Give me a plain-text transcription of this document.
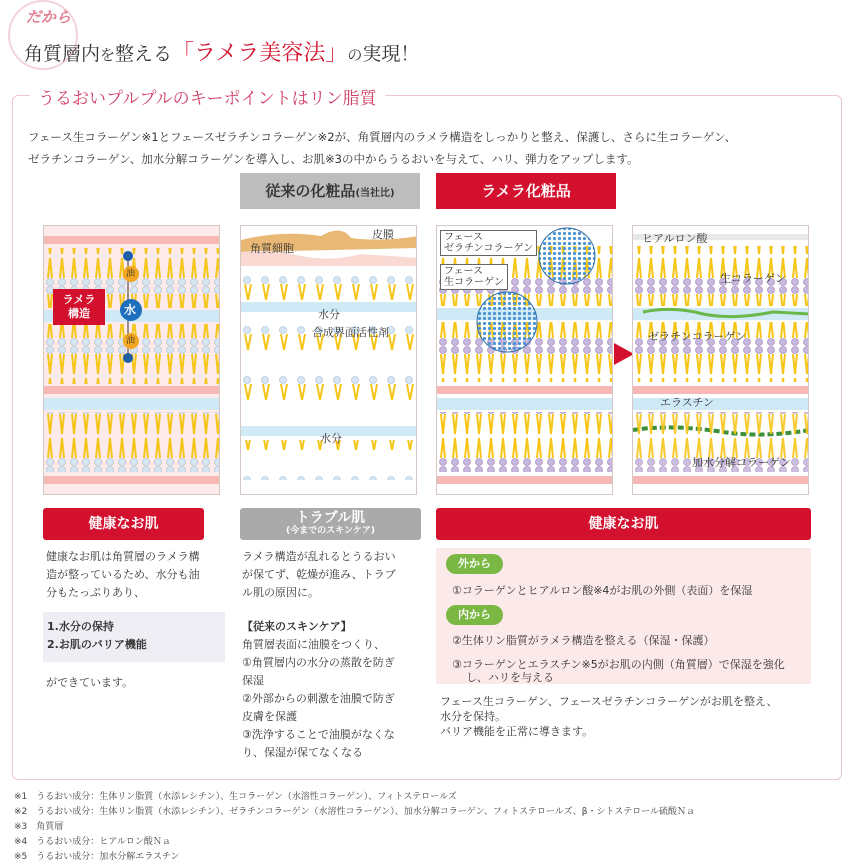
だから
角質層内を整える「ラメラ美容法」の実現！
うるおいプルプルのキーポイントはリン脂質
フェース生コラーゲン※1とフェースゼラチンコラーゲン※2が、角質層内のラメラ構造をしっかりと整え、保護し、さらに生コラーゲン、
ゼラチンコラーゲン、加水分解コラーゲンを導入し、お肌※3の中からうるおいを与えて、ハリ、弾力をアップします。
従来の化粧品(当社比)	ラメラ化粧品
ラメラ
構造
油
水
油
皮膜
角質細胞
水分
合成界面活性剤
水分
フェース
ゼラチンコラーゲン
フェース
生コラーゲン
ヒアルロン酸
生コラーゲン
ゼラチンコラーゲン
エラスチン
加水分解コラーゲン
健康なお肌	トラブル肌
(今までのスキンケア)	健康なお肌
健康なお肌は角質層のラメラ構
造が整っているため、水分も油
分もたっぷりあり、
1.水分の保持
2.お肌のバリア機能
ができています。
ラメラ構造が乱れるとうるおい
が保てず、乾燥が進み、トラブ
ル肌の原因に。
【従来のスキンケア】
角質層表面に油膜をつくり、
①角質層内の水分の蒸散を防ぎ
保湿
②外部からの刺激を油膜で防ぎ
皮膚を保護
③洗浄することで油膜がなくな
り、保湿が保てなくなる
外から
①コラーゲンとヒアルロン酸※4がお肌の外側（表面）を保湿
内から
②生体リン脂質がラメラ構造を整える（保湿・保護）
③コラーゲンとエラスチン※5がお肌の内側（角質層）で保湿を強化
し、ハリを与える
フェース生コラーゲン、フェースゼラチンコラーゲンがお肌を整え、
水分を保持。
バリア機能を正常に導きます。
※1　うるおい成分：生体リン脂質（水添レシチン）、生コラーゲン（水溶性コラーゲン）、フィトステロールズ
※2　うるおい成分：生体リン脂質（水添レシチン）、ゼラチンコラーゲン（水溶性コラーゲン）、加水分解コラーゲン、フィトステロールズ、β・シトステロール硫酸Ｎａ
※3　角質層
※4　うるおい成分：ヒアルロン酸Ｎａ
※5　うるおい成分：加水分解エラスチン
